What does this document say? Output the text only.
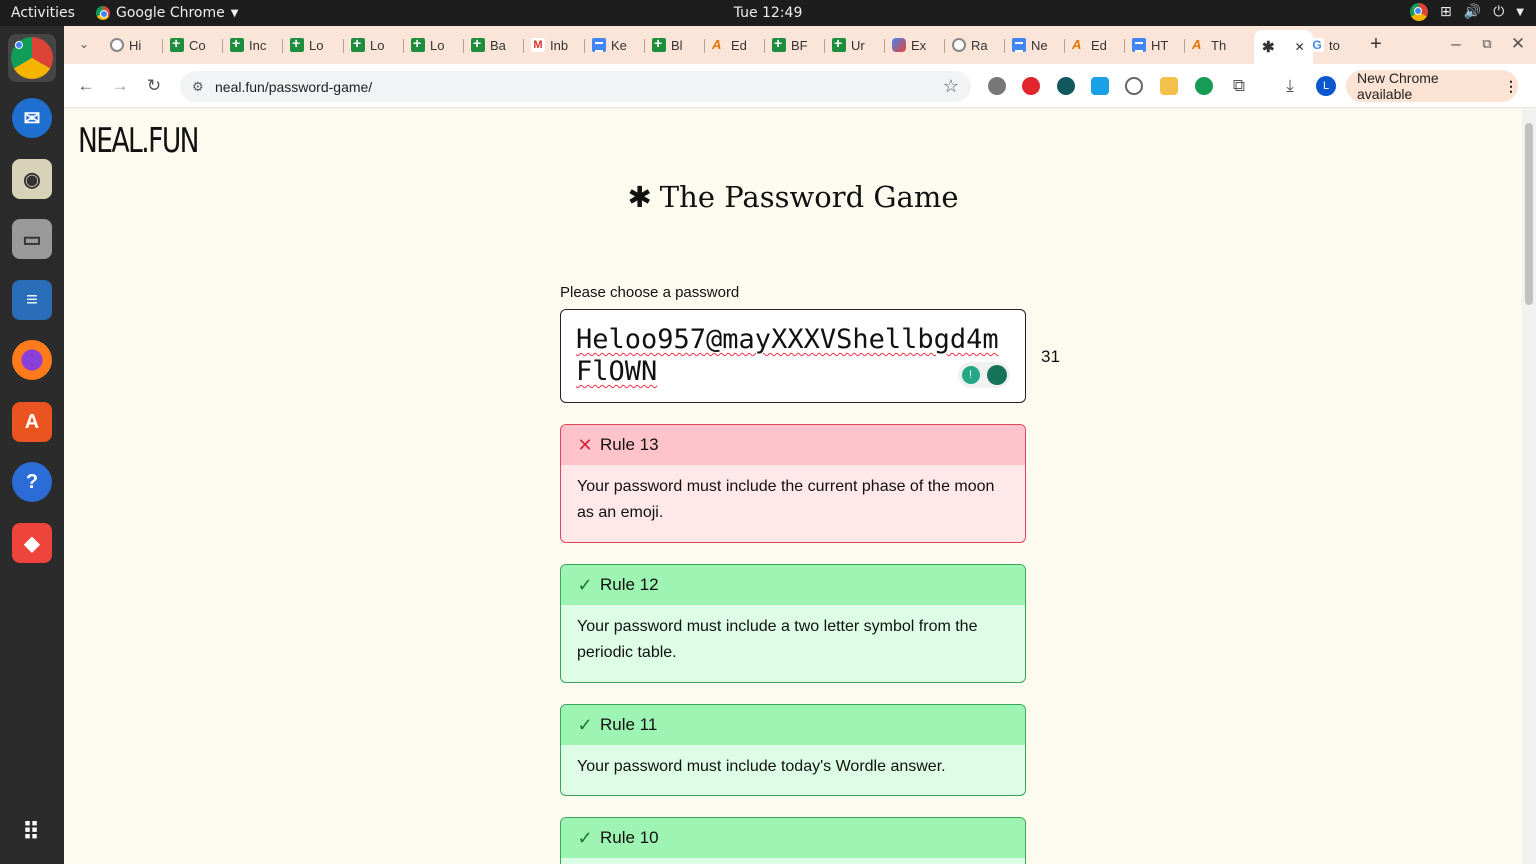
Activities	Google Chrome ▼	Tue 12:49	⊞ 🔊 ⏻ ▼
✉
◉
▭
≡
A
?
◆
⠿
⌄	Hi +	Co +	Inc +	Lo +	Lo +	Lo +	Ba M	Inb	Ke +	Bl A	Ed +	BF +	Ur	Ex	Ra	Ne A	Ed	HT A	Th ✱ ✕ G to	+	–	⧉	✕
← → ↻	⚙ neal.fun/password-game/	☆	⧉	⤓	L	New Chrome available
⋮
NEAL.FUN
✱ The Password Game
Please choose a password
Heloo957@mayXXXVShellbgd4mFlOWN	!
31
✕ Rule 13
Your password must include the current phase of the moon as an emoji.
✓ Rule 12
Your password must include a two letter symbol from the periodic table.
✓ Rule 11
Your password must include today's Wordle answer.
✓ Rule 10
